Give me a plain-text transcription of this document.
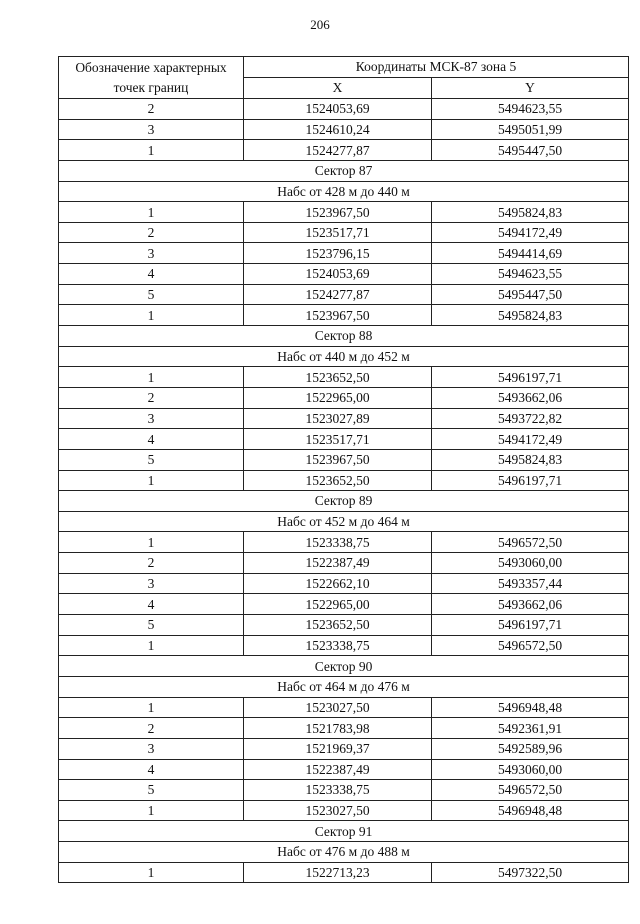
206
Обозначение характерных точек границ	Координаты МСК-87 зона 5	
	X	Y
2	1524053,69	5494623,55
3	1524610,24	5495051,99
1	1524277,87	5495447,50
Сектор 87		
Набс от 428 м до 440 м		
1	1523967,50	5495824,83
2	1523517,71	5494172,49
3	1523796,15	5494414,69
4	1524053,69	5494623,55
5	1524277,87	5495447,50
1	1523967,50	5495824,83
Сектор 88		
Набс от 440 м до 452 м		
1	1523652,50	5496197,71
2	1522965,00	5493662,06
3	1523027,89	5493722,82
4	1523517,71	5494172,49
5	1523967,50	5495824,83
1	1523652,50	5496197,71
Сектор 89		
Набс от 452 м до 464 м		
1	1523338,75	5496572,50
2	1522387,49	5493060,00
3	1522662,10	5493357,44
4	1522965,00	5493662,06
5	1523652,50	5496197,71
1	1523338,75	5496572,50
Сектор 90		
Набс от 464 м до 476 м		
1	1523027,50	5496948,48
2	1521783,98	5492361,91
3	1521969,37	5492589,96
4	1522387,49	5493060,00
5	1523338,75	5496572,50
1	1523027,50	5496948,48
Сектор 91		
Набс от 476 м до 488 м		
1	1522713,23	5497322,50
